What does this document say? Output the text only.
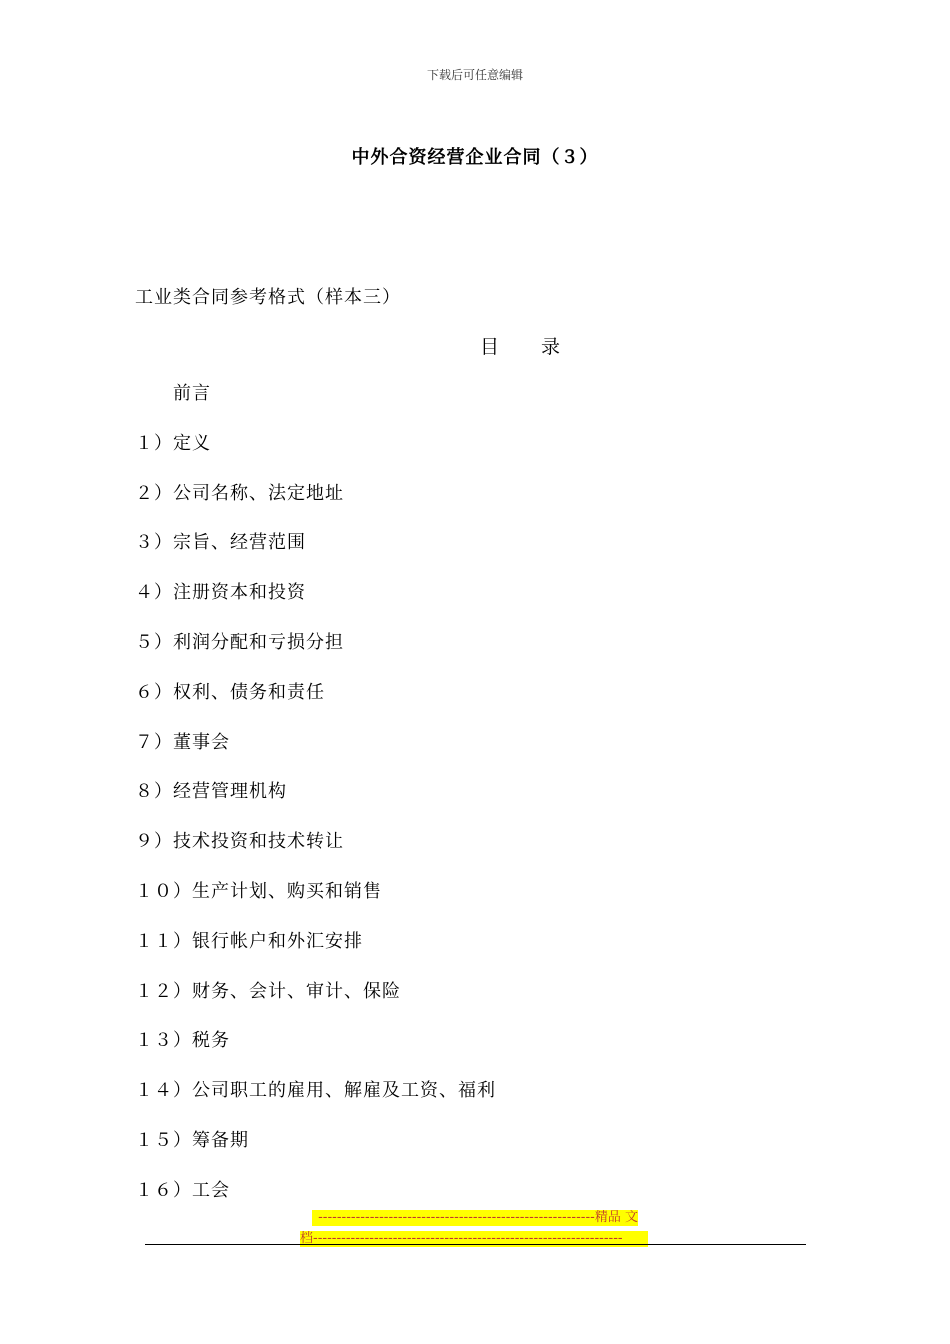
下载后可任意编辑
中外合资经营企业合同（３）
工业类合同参考格式（样本三）
目 录
前言
１）定义
２）公司名称、法定地址
３）宗旨、经营范围
４）注册资本和投资
５）利润分配和亏损分担
６）权利、债务和责任
７）董事会
８）经营管理机构
９）技术投资和技术转让
１０）生产计划、购买和销售
１１）银行帐户和外汇安排
１２）财务、会计、审计、保险
１３）税务
１４）公司职工的雇用、解雇及工资、福利
１５）筹备期
１６）工会
-----------------------------------------------------------精品 文
档------------------------------------------------------------------
